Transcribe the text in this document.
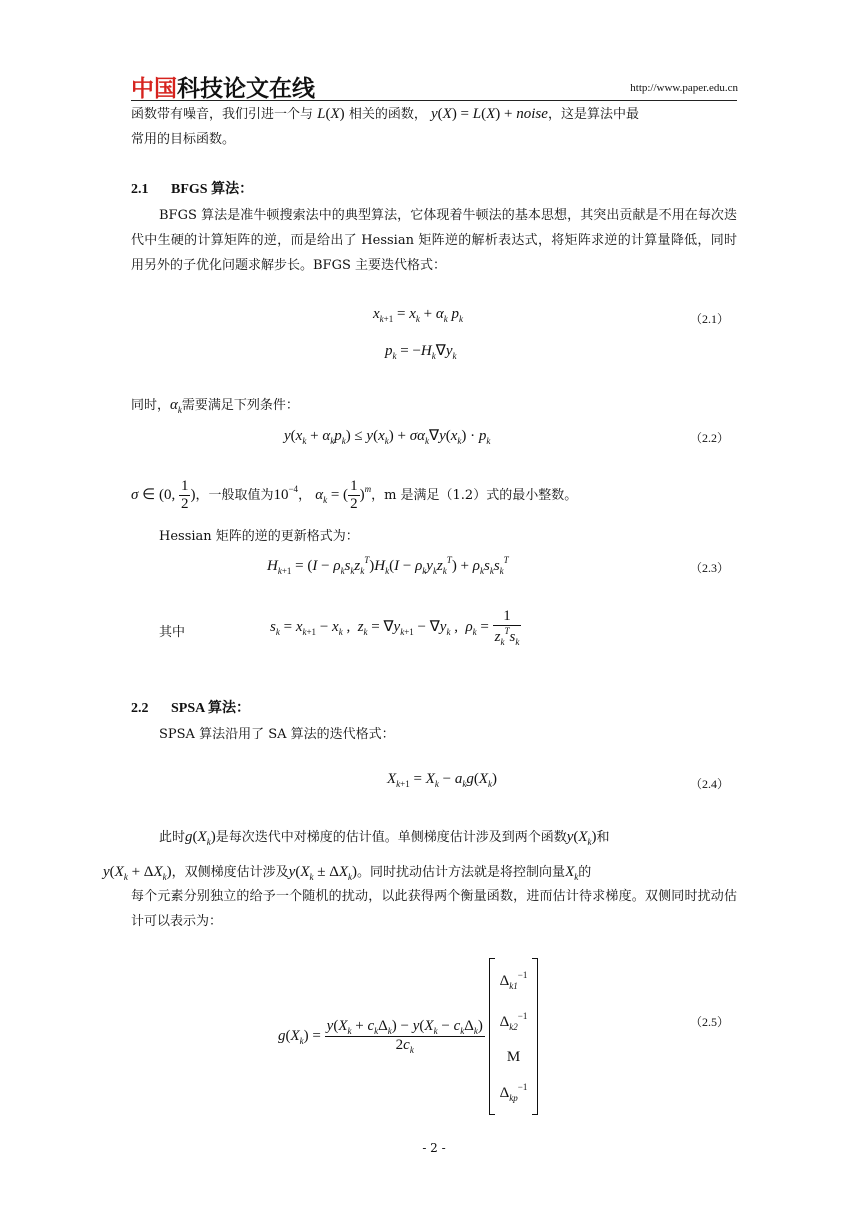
中国科技论文在线	http://www.paper.edu.cn
函数带有噪音，我们引进一个与 L(X) 相关的函数， y(X) = L(X) + noise，这是算法中最
常用的目标函数。
2.1 BFGS 算法：
BFGS 算法是准牛顿搜索法中的典型算法，它体现着牛顿法的基本思想，其突出贡献是不用在每次迭代中生硬的计算矩阵的逆，而是给出了 Hessian 矩阵逆的解析表达式，将矩阵求逆的计算量降低，同时用另外的子优化问题求解步长。BFGS 主要迭代格式：
$x_{k+1} = x_k + \alpha_k$ $p_k$	（2.1）
$p_k = -H_k\nabla y_k$
同时，$\alpha_k$需要满足下列条件：
$y(x_k + \alpha_kp_k) \le y(x_k) + \sigma\alpha_k\nabla y(x_k) \cdot p_k$	（2.2）
σ ∈ (0, $\frac{1}{2}$ )，一般取值为$10^{-4}$， $\alpha_k$ = ( $\frac{1}{2} )^m$，m 是满足（1.2）式的最小整数。
Hessian 矩阵的逆的更新格式为：
$H_{k+1} = (I - \rho_ks_kz_k^T)H_k(I - \rho_ky_kz_k^T) + \rho_ks_ks_k^T$
（2.3）
其中	$s_k = x_{k+1} - x_k$ ,  $z_k = \nabla y_{k+1} - \nabla y_k$ ,  $\rho_k = \frac{1}{z_k^Ts_k}$
2.2 SPSA 算法：
SPSA 算法沿用了 SA 算法的迭代格式：
$X_{k+1} = X_k - a_kg(X_k)$	（2.4）
此时$g(X_k)$是每次迭代中对梯度的估计值。单侧梯度估计涉及到两个函数$y(X_k)$和
$y(X_k + \Delta X_k)$，双侧梯度估计涉及$y(X_k \pm \Delta X_k)$。同时扰动估计方法就是将控制向量$X_k$的
每个元素分别独立的给予一个随机的扰动，以此获得两个衡量函数，进而估计待求梯度。双侧同时扰动估计可以表示为：
$g(X_k) = \frac{y(X_k + c_k\Delta_k) - y(X_k - c_k\Delta_k)}{2c_k}$
$\Delta_{k1}^{-1}$
$\Delta_{k2}^{-1}$
M
$\Delta_{kp}^{-1}$
（2.5）
- 2 -
